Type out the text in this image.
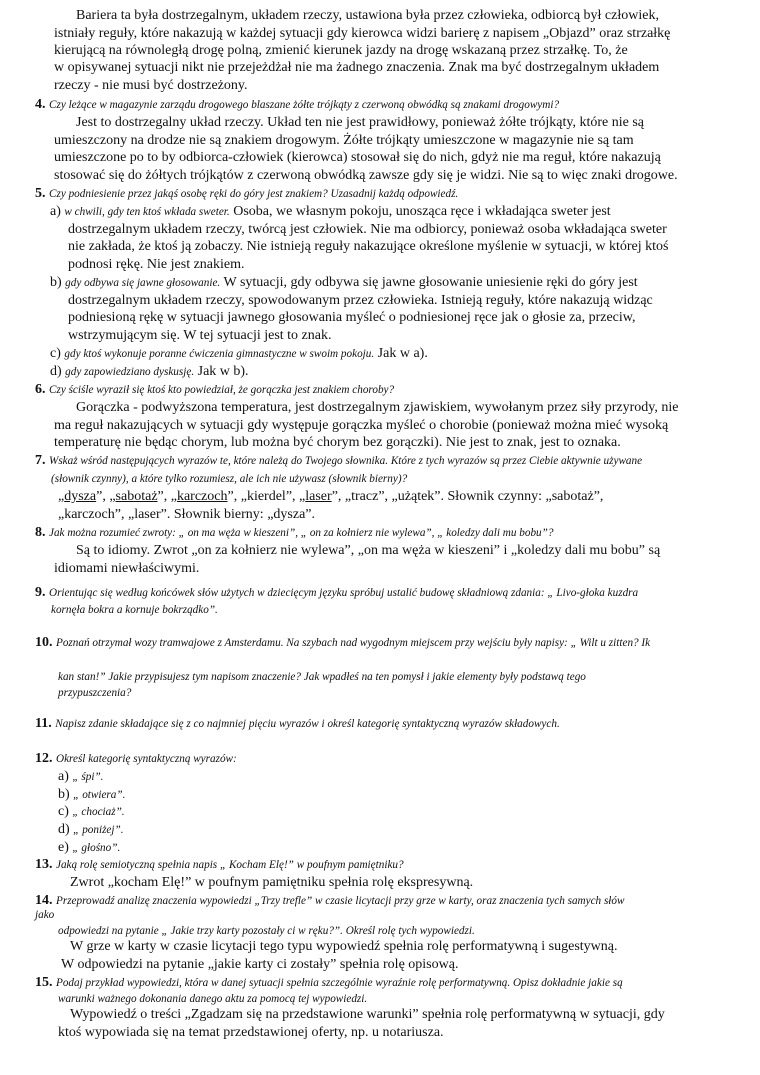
Bariera ta była dostrzegalnym, układem rzeczy, ustawiona była przez człowieka, odbiorcą był człowiek,
istniały reguły, które nakazują w każdej sytuacji gdy kierowca widzi barierę z napisem „Objazd” oraz strzałkę
kierującą na równoległą drogę polną, zmienić kierunek jazdy na drogę wskazaną przez strzałkę. To, że
w opisywanej sytuacji nikt nie przejeżdżał nie ma żadnego znaczenia. Znak ma być dostrzegalnym układem
rzeczy - nie musi być dostrzeżony.
4. Czy leżące w magazynie zarządu drogowego blaszane żółte trójkąty z czerwoną obwódką są znakami drogowymi?
Jest to dostrzegalny układ rzeczy. Układ ten nie jest prawidłowy, ponieważ żółte trójkąty, które nie są
umieszczony na drodze nie są znakiem drogowym. Żółte trójkąty umieszczone w magazynie nie są tam
umieszczone po to by odbiorca-człowiek (kierowca) stosował się do nich, gdyż nie ma reguł, które nakazują
stosować się do żółtych trójkątów z czerwoną obwódką zawsze gdy się je widzi. Nie są to więc znaki drogowe.
5. Czy podniesienie przez jakąś osobę ręki do góry jest znakiem? Uzasadnij każdą odpowiedź.
a) w chwili, gdy ten ktoś wkłada sweter. Osoba, we własnym pokoju, unosząca ręce i wkładająca sweter jest
dostrzegalnym układem rzeczy, twórcą jest człowiek. Nie ma odbiorcy, ponieważ osoba wkładająca sweter
nie zakłada, że ktoś ją zobaczy. Nie istnieją reguły nakazujące określone myślenie w sytuacji, w której ktoś
podnosi rękę. Nie jest znakiem.
b) gdy odbywa się jawne głosowanie. W sytuacji, gdy odbywa się jawne głosowanie uniesienie ręki do góry jest
dostrzegalnym układem rzeczy, spowodowanym przez człowieka. Istnieją reguły, które nakazują widząc
podniesioną rękę w sytuacji jawnego głosowania myśleć o podniesionej ręce jak o głosie za, przeciw,
wstrzymującym się. W tej sytuacji jest to znak.
c) gdy ktoś wykonuje poranne ćwiczenia gimnastyczne w swoim pokoju. Jak w a).
d) gdy zapowiedziano dyskusję. Jak w b).
6. Czy ściśle wyraził się ktoś kto powiedział, że gorączka jest znakiem choroby?
Gorączka - podwyższona temperatura, jest dostrzegalnym zjawiskiem, wywołanym przez siły przyrody, nie
ma reguł nakazujących w sytuacji gdy występuje gorączka myśleć o chorobie (ponieważ można mieć wysoką
temperaturę nie będąc chorym, lub można być chorym bez gorączki). Nie jest to znak, jest to oznaka.
7. Wskaż wśród następujących wyrazów te, które należą do Twojego słownika. Które z tych wyrazów są przez Ciebie aktywnie używane
(słownik czynny), a które tylko rozumiesz, ale ich nie używasz (słownik bierny)?
„dysza”, „sabotaż”, „karczoch”, „kierdel”, „laser”, „tracz”, „użątek”. Słownik czynny: „sabotaż”,
„karczoch”, „laser”. Słownik bierny: „dysza”.
8. Jak można rozumieć zwroty: „ on ma węża w kieszeni”, „ on za kołnierz nie wylewa”, „ koledzy dali mu bobu”?
Są to idiomy. Zwrot „on za kołnierz nie wylewa”, „on ma węża w kieszeni” i „koledzy dali mu bobu” są
idiomami niewłaściwymi.
9. Orientując się według końcówek słów użytych w dziecięcym języku spróbuj ustalić budowę składniową zdania: „ Livo-głoka kuzdra
kornęła bokra a kornuje bokrządko”.
10. Poznań otrzymał wozy tramwajowe z Amsterdamu. Na szybach nad wygodnym miejscem przy wejściu były napisy: „ Wilt u zitten? Ik
kan stan!” Jakie przypisujesz tym napisom znaczenie? Jak wpadłeś na ten pomysł i jakie elementy były podstawą tego
przypuszczenia?
11. Napisz zdanie składające się z co najmniej pięciu wyrazów i określ kategorię syntaktyczną wyrazów składowych.
12. Określ kategorię syntaktyczną wyrazów:
a) „ śpi”.
b) „ otwiera”.
c) „ chociaż”.
d) „ poniżej”.
e) „ głośno”.
13. Jaką rolę semiotyczną spełnia napis „ Kocham Elę!” w poufnym pamiętniku?
Zwrot „kocham Elę!” w poufnym pamiętniku spełnia rolę ekspresywną.
14. Przeprowadź analizę znaczenia wypowiedzi „Trzy trefle” w czasie licytacji przy grze w karty, oraz znaczenia tych samych słów
jako
odpowiedzi na pytanie „ Jakie trzy karty pozostały ci w ręku?”. Określ rolę tych wypowiedzi.
W grze w karty w czasie licytacji tego typu wypowiedź spełnia rolę performatywną i sugestywną.
W odpowiedzi na pytanie „jakie karty ci zostały” spełnia rolę opisową.
15. Podaj przykład wypowiedzi, która w danej sytuacji spełnia szczególnie wyraźnie rolę performatywną. Opisz dokładnie jakie są
warunki ważnego dokonania danego aktu za pomocą tej wypowiedzi.
Wypowiedź o treści „Zgadzam się na przedstawione warunki” spełnia rolę performatywną w sytuacji, gdy
ktoś wypowiada się na temat przedstawionej oferty, np. u notariusza.
